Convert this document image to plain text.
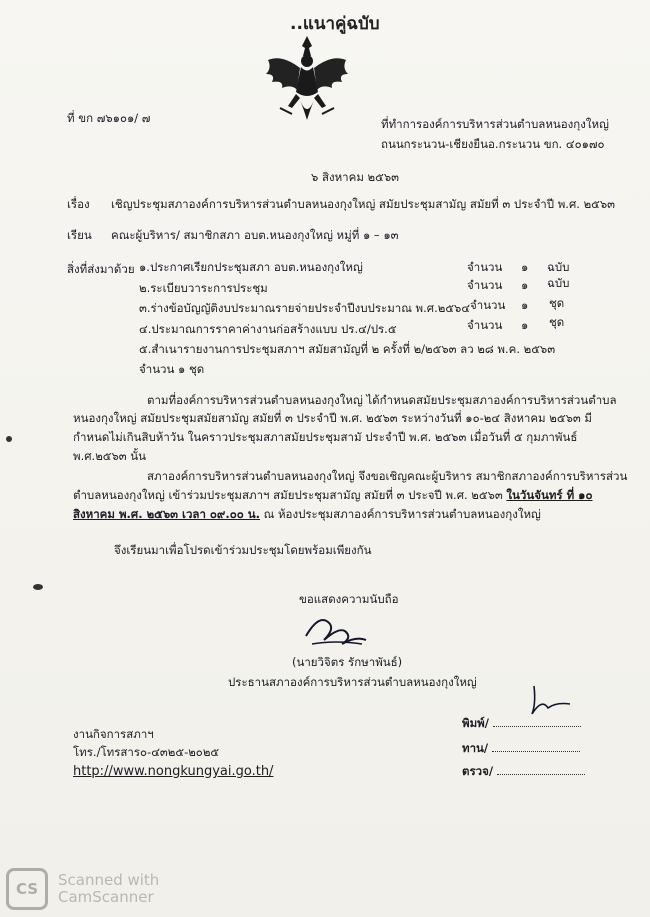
..แนาคู่ฉบับ
ที่ ขก ๗๖๑๐๑/ ๗	ที่ทำการองค์การบริหารส่วนตำบลหนองกุงใหญ่
ถนนกระนวน-เชียงยืนอ.กระนวน ขก. ๔๐๑๗๐
๖ สิงหาคม ๒๕๖๓
เรื่อง เชิญประชุมสภาองค์การบริหารส่วนตำบลหนองกุงใหญ่ สมัยประชุมสามัญ สมัยที่ ๓ ประจำปี พ.ศ. ๒๕๖๓
เรียน คณะผู้บริหาร/ สมาชิกสภา อบต.หนองกุงใหญ่ หมู่ที่ ๑ – ๑๓
สิ่งที่ส่งมาด้วย ๑.ประกาศเรียกประชุมสภา อบต.หนองกุงใหญ่	จำนวน ๑ ฉบับ
๒.ระเบียบวาระการประชุม	จำนวน ๑ ฉบับ
๓.ร่างข้อบัญญัติงบประมาณรายจ่ายประจำปีงบประมาณ พ.ศ.๒๕๖๔ จำนวน ๑ ชุด
๔.ประมาณการราคาค่างานก่อสร้างแบบ ปร.๔/ปร.๕	จำนวน ๑ ชุด
๕.สำเนารายงานการประชุมสภาฯ สมัยสามัญที่ ๒ ครั้งที่ ๒/๒๕๖๓ ลว ๒๘ พ.ค. ๒๕๖๓
จำนวน ๑ ชุด
ตามที่องค์การบริหารส่วนตำบลหนองกุงใหญ่ ได้กำหนดสมัยประชุมสภาองค์การบริหารส่วนตำบล
หนองกุงใหญ่ สมัยประชุมสมัยสามัญ สมัยที่ ๓ ประจำปี พ.ศ. ๒๕๖๓ ระหว่างวันที่ ๑๐-๒๔ สิงหาคม ๒๕๖๓ มี
กำหนดไม่เกินสิบห้าวัน ในคราวประชุมสภาสมัยประชุมสามั ประจำปี พ.ศ. ๒๕๖๓ เมื่อวันที่ ๕ กุมภาพันธ์
พ.ศ.๒๕๖๓ นั้น
สภาองค์การบริหารส่วนตำบลหนองกุงใหญ่ จึงขอเชิญคณะผู้บริหาร สมาชิกสภาองค์การบริหารส่วน
ตำบลหนองกุงใหญ่ เข้าร่วมประชุมสภาฯ สมัยประชุมสามัญ สมัยที่ ๓ ประจปี พ.ศ. ๒๕๖๓ ในวันจันทร์ ที่ ๑๐
สิงหาคม พ.ศ. ๒๕๖๓ เวลา ๐๙.๐๐ น. ณ ห้องประชุมสภาองค์การบริหารส่วนตำบลหนองกุงใหญ่
จึงเรียนมาเพื่อโปรดเข้าร่วมประชุมโดยพร้อมเพียงกัน
ขอแสดงความนับถือ
(นายวิจิตร รักษาพันธ์)
ประธานสภาองค์การบริหารส่วนตำบลหนองกุงใหญ่
งานกิจการสภาฯ
โทร./โทรสาร๐-๔๓๒๕-๒๐๒๕
http://www.nongkungyai.go.th/
พิมพ์/
ทาน/
ตรวจ/
CS	Scanned with
CamScanner
